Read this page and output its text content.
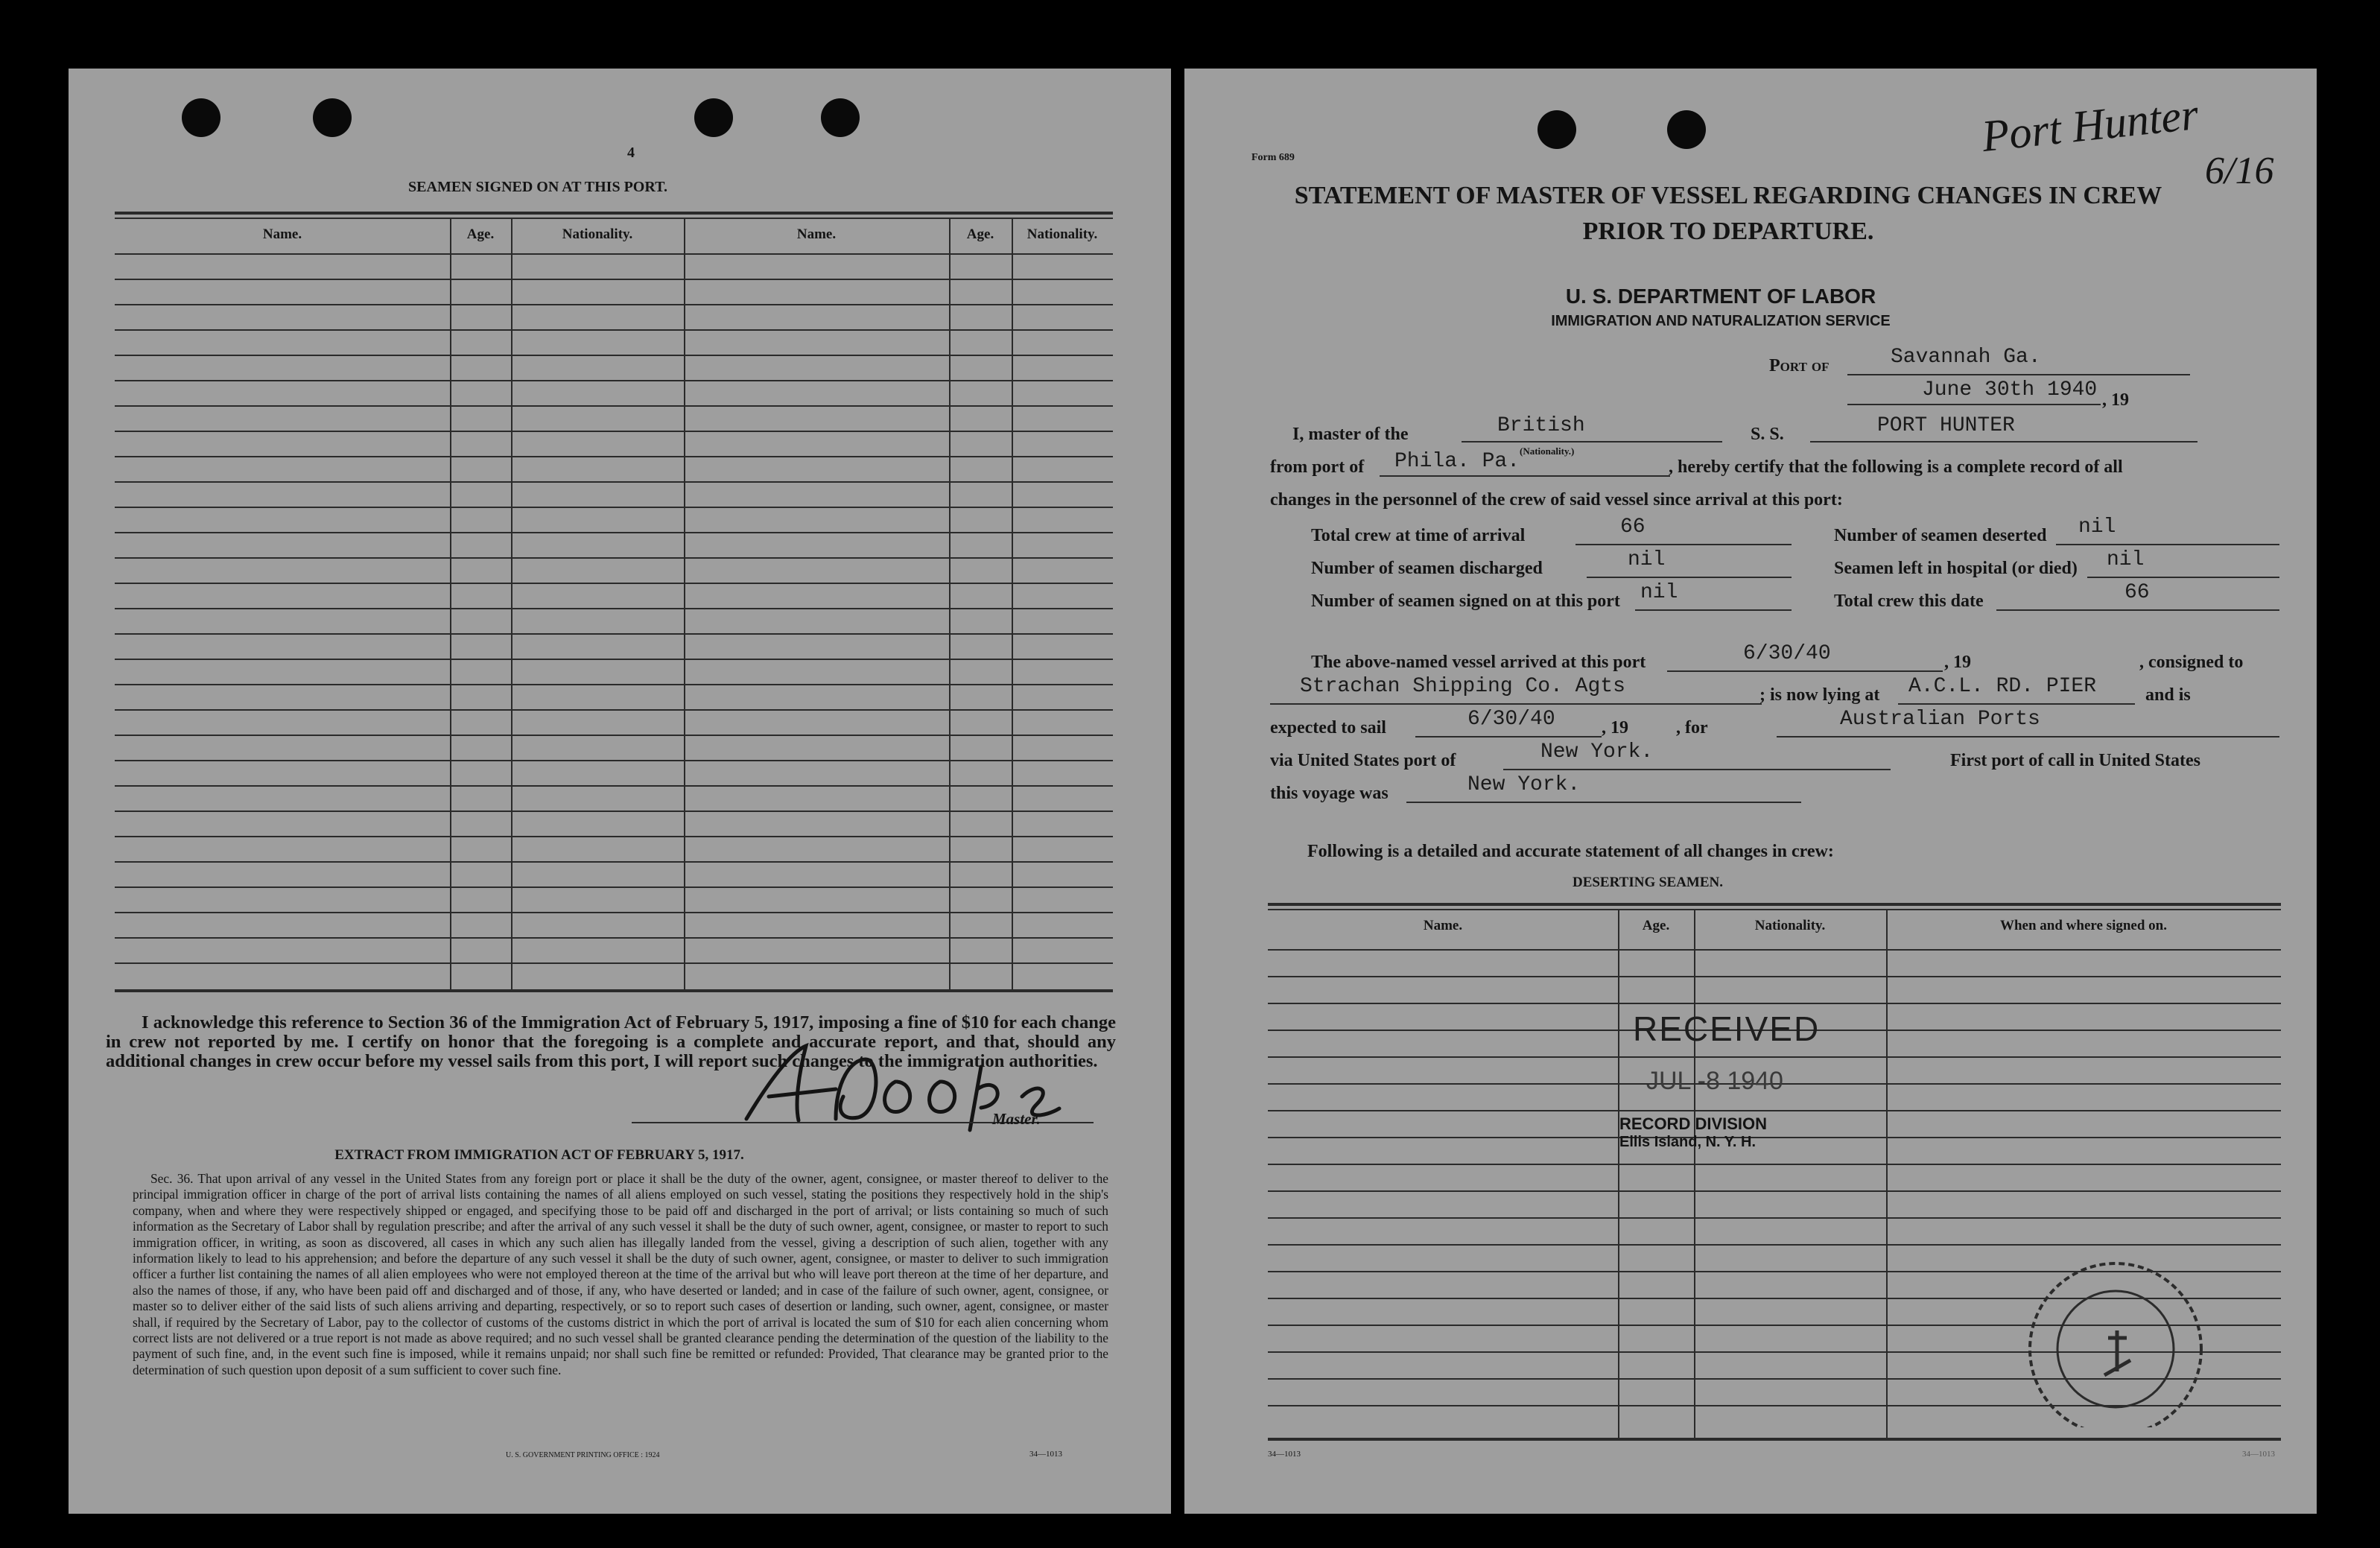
4
SEAMEN SIGNED ON AT THIS PORT.
Name.	Age.	Nationality.	Name.	Age.	Nationality.
I acknowledge this reference to Section 36 of the Immigration Act of February 5, 1917, imposing a fine of $10 for each change in crew not reported by me. I certify on honor that the foregoing is a complete and accurate report, and that, should any additional changes in crew occur before my vessel sails from this port, I will report such changes to the immigration authorities.
Master.
EXTRACT FROM IMMIGRATION ACT OF FEBRUARY 5, 1917.
Sec. 36. That upon arrival of any vessel in the United States from any foreign port or place it shall be the duty of the owner, agent, consignee, or master thereof to deliver to the principal immigration officer in charge of the port of arrival lists containing the names of all aliens employed on such vessel, stating the positions they respectively hold in the ship's company, when and where they were respectively shipped or engaged, and specifying those to be paid off and discharged in the port of arrival; or lists containing so much of such information as the Secretary of Labor shall by regulation prescribe; and after the arrival of any such vessel it shall be the duty of such owner, agent, consignee, or master to report to such immigration officer, in writing, as soon as discovered, all cases in which any such alien has illegally landed from the vessel, giving a description of such alien, together with any information likely to lead to his apprehension; and before the departure of any such vessel it shall be the duty of such owner, agent, consignee, or master to deliver to such immigration officer a further list containing the names of all alien employees who were not employed thereon at the time of the arrival but who will leave port thereon at the time of her departure, and also the names of those, if any, who have been paid off and discharged and of those, if any, who have deserted or landed; and in case of the failure of such owner, agent, consignee, or master so to deliver either of the said lists of such aliens arriving and departing, respectively, or so to report such cases of desertion or landing, such owner, agent, consignee, or master shall, if required by the Secretary of Labor, pay to the collector of customs of the customs district in which the port of arrival is located the sum of $10 for each alien concerning whom correct lists are not delivered or a true report is not made as above required; and no such vessel shall be granted clearance pending the determination of the question of the liability to the payment of such fine, and, in the event such fine is imposed, while it remains unpaid; nor shall such fine be remitted or refunded: Provided, That clearance may be granted prior to the determination of such question upon deposit of a sum sufficient to cover such fine.
U. S. GOVERNMENT PRINTING OFFICE : 1924	34—1013
Form 689	Port Hunter
6/16
STATEMENT OF MASTER OF VESSEL REGARDING CHANGES IN CREW
PRIOR TO DEPARTURE.
U. S. DEPARTMENT OF LABOR
IMMIGRATION AND NATURALIZATION SERVICE
Port of	Savannah Ga.
June 30th 1940 , 19
I, master of the	British	S. S.	PORT HUNTER
from port of Phila. Pa. (Nationality.)
, hereby certify that the following is a complete record of all
changes in the personnel of the crew of said vessel since arrival at this port:
Total crew at time of arrival	66	Number of seamen deserted nil
Number of seamen discharged	nil	Seamen left in hospital (or died) nil
Number of seamen signed on at this port nil	Total crew this date	66
The above-named vessel arrived at this port	6/30/40	, 19	, consigned to
Strachan Shipping Co. Agts	; is now lying at A.C.L. RD. PIER	and is
expected to sail	6/30/40	, 19	, for	Australian Ports
via United States port of	New York.	First port of call in United States
this voyage was	New York.
Following is a detailed and accurate statement of all changes in crew:
DESERTING SEAMEN.
Name.	Age.	Nationality.	When and where signed on.
RECEIVED
JUL -8 1940
RECORD DIVISION
Ellis Island, N. Y. H.
34—1013
34—1013
